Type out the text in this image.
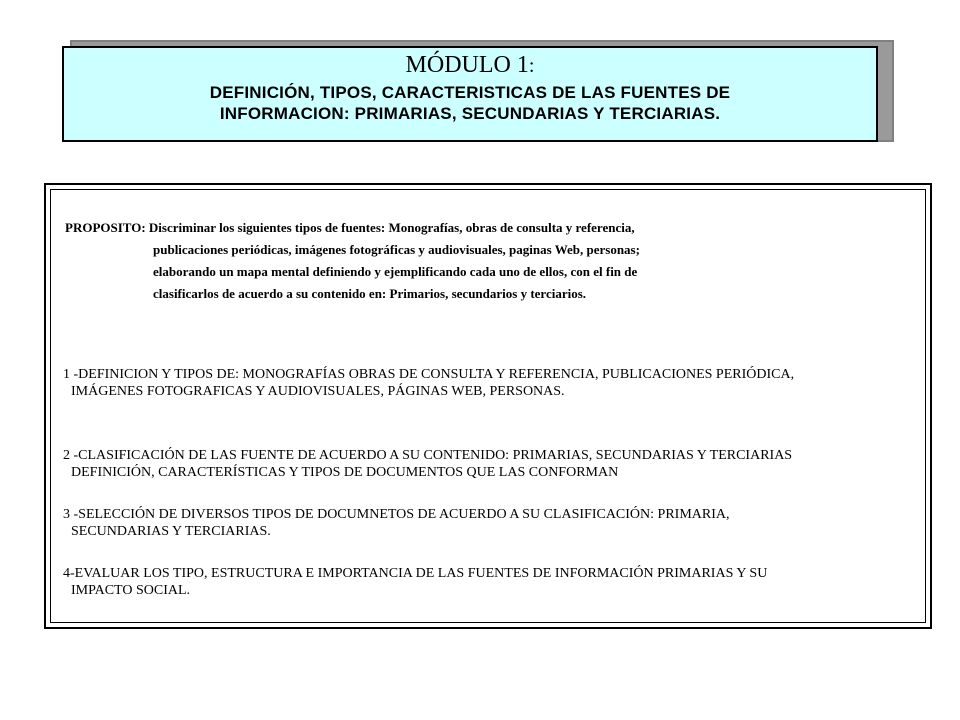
MÓDULO 1:
DEFINICIÓN, TIPOS, CARACTERISTICAS DE LAS FUENTES DE
INFORMACION: PRIMARIAS, SECUNDARIAS Y TERCIARIAS.
PROPOSITO: Discriminar los siguientes tipos de fuentes: Monografías, obras de consulta y referencia,
publicaciones periódicas, imágenes fotográficas y audiovisuales, paginas Web, personas;
elaborando un mapa mental definiendo y ejemplificando cada uno de ellos, con el fin de
clasificarlos de acuerdo a su contenido en: Primarios, secundarios y terciarios.
1 -DEFINICION Y TIPOS DE: MONOGRAFÍAS OBRAS DE CONSULTA Y REFERENCIA, PUBLICACIONES PERIÓDICA,
IMÁGENES FOTOGRAFICAS Y AUDIOVISUALES, PÁGINAS WEB, PERSONAS.
2 -CLASIFICACIÓN DE LAS FUENTE DE ACUERDO A SU CONTENIDO: PRIMARIAS, SECUNDARIAS Y TERCIARIAS
DEFINICIÓN, CARACTERÍSTICAS Y TIPOS DE DOCUMENTOS QUE LAS CONFORMAN
3 -SELECCIÓN DE DIVERSOS TIPOS DE DOCUMNETOS DE ACUERDO A SU CLASIFICACIÓN: PRIMARIA,
SECUNDARIAS Y TERCIARIAS.
4-EVALUAR LOS TIPO, ESTRUCTURA E IMPORTANCIA DE LAS FUENTES DE INFORMACIÓN PRIMARIAS Y SU
IMPACTO SOCIAL.
